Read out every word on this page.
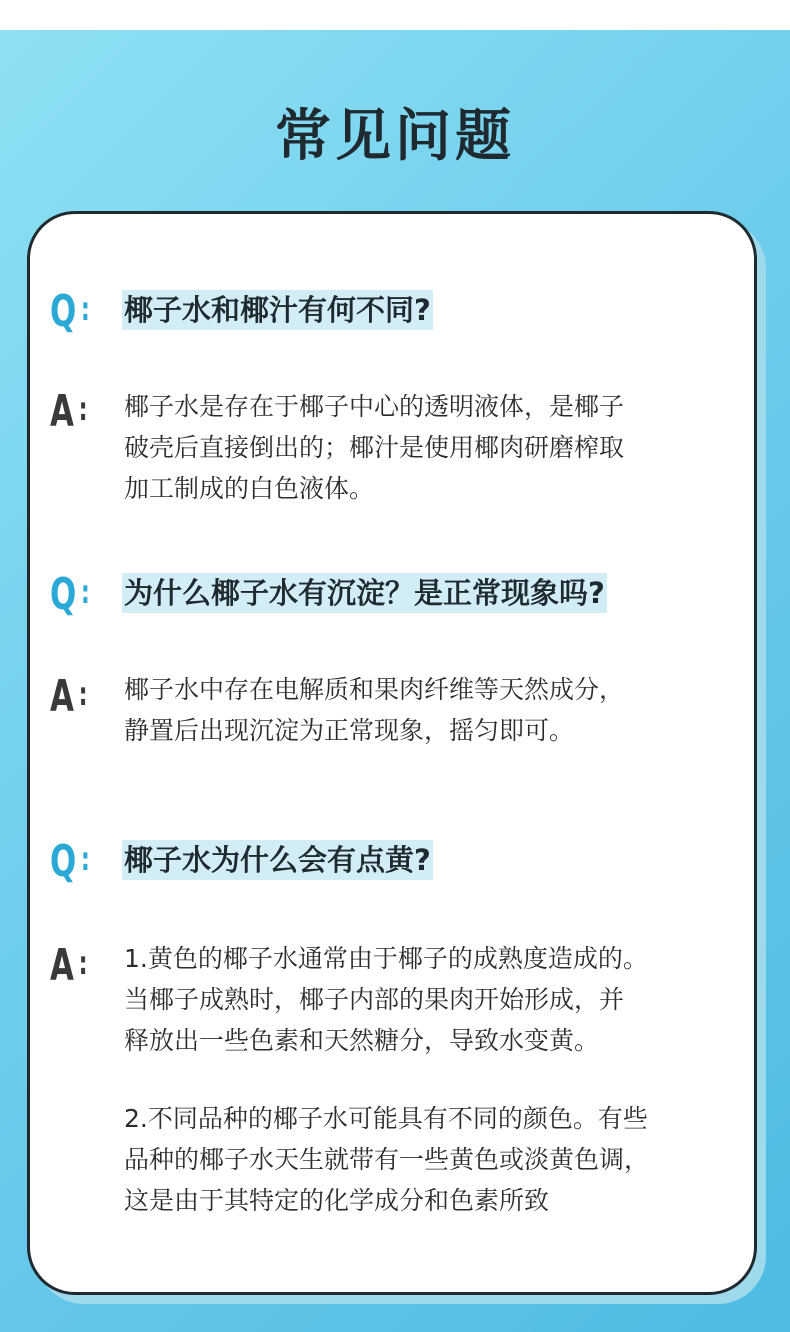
常见问题
Q : 椰子水和椰汁有何不同?
A : 椰子水是存在于椰子中心的透明液体，是椰子
破壳后直接倒出的；椰汁是使用椰肉研磨榨取
加工制成的白色液体。
Q : 为什么椰子水有沉淀？是正常现象吗?
A : 椰子水中存在电解质和果肉纤维等天然成分，
静置后出现沉淀为正常现象，摇匀即可。
Q : 椰子水为什么会有点黄?
A : 1.黄色的椰子水通常由于椰子的成熟度造成的。
当椰子成熟时，椰子内部的果肉开始形成，并
释放出一些色素和天然糖分，导致水变黄。
2.不同品种的椰子水可能具有不同的颜色。有些
品种的椰子水天生就带有一些黄色或淡黄色调，
这是由于其特定的化学成分和色素所致
